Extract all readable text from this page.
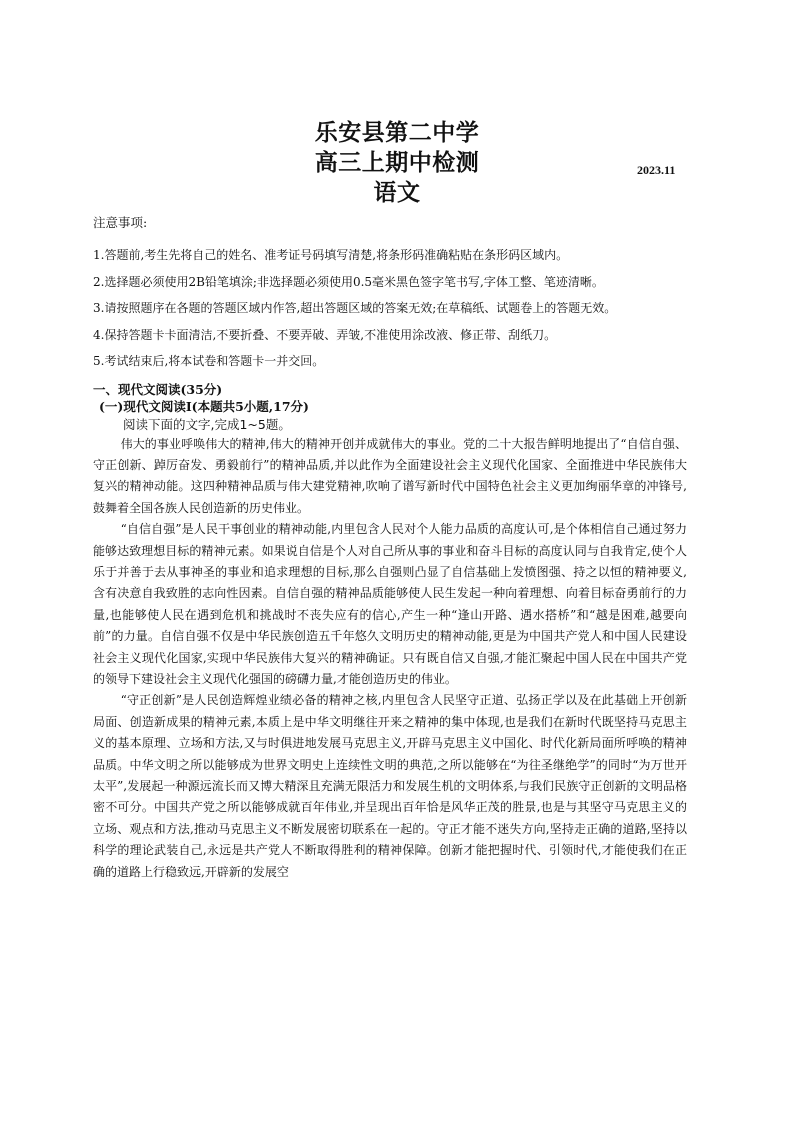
乐安县第二中学
高三上期中检测
语文
2023.11
注意事项:
1.答题前,考生先将自己的姓名、准考证号码填写清楚,将条形码准确粘贴在条形码区域内。
2.选择题必须使用2B铅笔填涂;非选择题必须使用0.5毫米黑色签字笔书写,字体工整、笔迹清晰。
3.请按照题序在各题的答题区域内作答,超出答题区域的答案无效;在草稿纸、试题卷上的答题无效。
4.保持答题卡卡面清洁,不要折叠、不要弄破、弄皱,不准使用涂改液、修正带、刮纸刀。
5.考试结束后,将本试卷和答题卡一并交回。
一、现代文阅读(35分)
(一)现代文阅读Ⅰ(本题共5小题,17分)
阅读下面的文字,完成1~5题。

伟大的事业呼唤伟大的精神,伟大的精神开创并成就伟大的事业。党的二十大报告鲜明地提出了“自信自强、守正创新、踔厉奋发、勇毅前行”的精神品质,并以此作为全面建设社会主义现代化国家、全面推进中华民族伟大复兴的精神动能。这四种精神品质与伟大建党精神,吹响了谱写新时代中国特色社会主义更加绚丽华章的冲锋号,鼓舞着全国各族人民创造新的历史伟业。

“自信自强”是人民干事创业的精神动能,内里包含人民对个人能力品质的高度认可,是个体相信自己通过努力能够达致理想目标的精神元素。如果说自信是个人对自己所从事的事业和奋斗目标的高度认同与自我肯定,使个人乐于并善于去从事神圣的事业和追求理想的目标,那么自强则凸显了自信基础上发愤图强、持之以恒的精神要义,含有决意自我致胜的志向性因素。自信自强的精神品质能够使人民生发起一种向着理想、向着目标奋勇前行的力量,也能够使人民在遇到危机和挑战时不丧失应有的信心,产生一种“逢山开路、遇水搭桥”和“越是困难,越要向前”的力量。自信自强不仅是中华民族创造五千年悠久文明历史的精神动能,更是为中国共产党人和中国人民建设社会主义现代化国家,实现中华民族伟大复兴的精神确证。只有既自信又自强,才能汇聚起中国人民在中国共产党的领导下建设社会主义现代化强国的磅礴力量,才能创造历史的伟业。

“守正创新”是人民创造辉煌业绩必备的精神之核,内里包含人民坚守正道、弘扬正学以及在此基础上开创新局面、创造新成果的精神元素,本质上是中华文明继往开来之精神的集中体现,也是我们在新时代既坚持马克思主义的基本原理、立场和方法,又与时俱进地发展马克思主义,开辟马克思主义中国化、时代化新局面所呼唤的精神品质。中华文明之所以能够成为世界文明史上连续性文明的典范,之所以能够在“为往圣继绝学”的同时“为万世开太平”,发展起一种源远流长而又博大精深且充满无限活力和发展生机的文明体系,与我们民族守正创新的文明品格密不可分。中国共产党之所以能够成就百年伟业,并呈现出百年恰是风华正茂的胜景,也是与其坚守马克思主义的立场、观点和方法,推动马克思主义不断发展密切联系在一起的。守正才能不迷失方向,坚持走正确的道路,坚持以科学的理论武装自己,永远是共产党人不断取得胜利的精神保障。创新才能把握时代、引领时代,才能使我们在正确的道路上行稳致远,开辟新的发展空
